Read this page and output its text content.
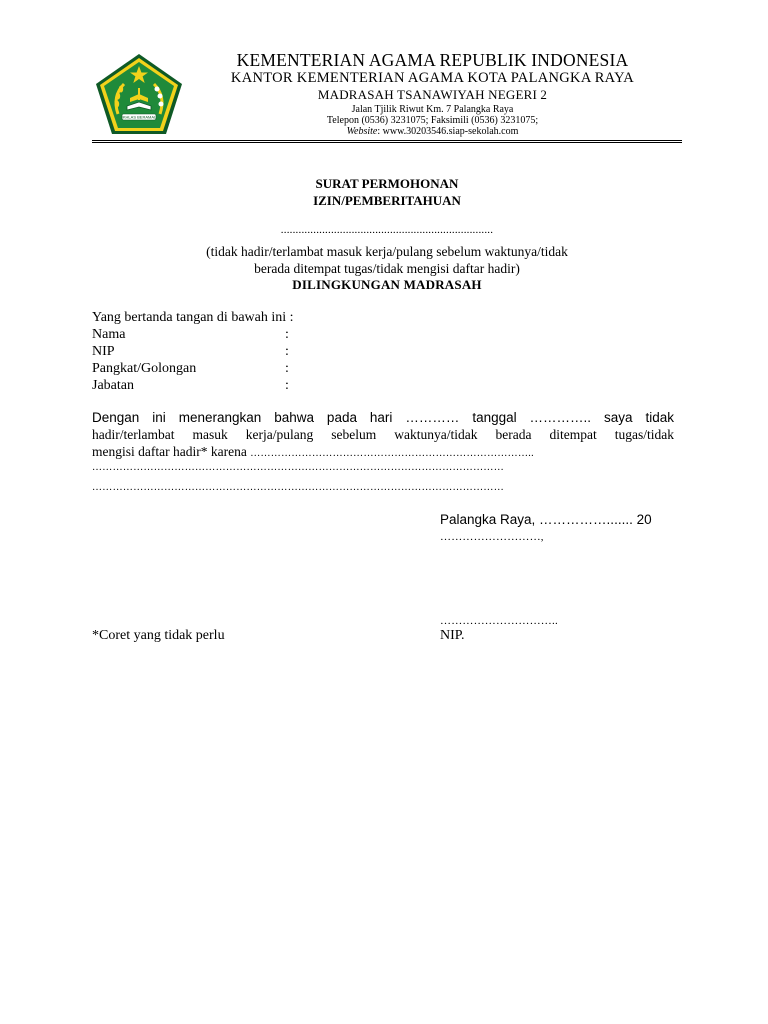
IKHLAS BERAMAL
KEMENTERIAN AGAMA REPUBLIK INDONESIA
KANTOR KEMENTERIAN AGAMA KOTA PALANGKA RAYA
MADRASAH TSANAWIYAH NEGERI 2
Jalan Tjilik Riwut Km. 7 Palangka Raya
Telepon (0536) 3231075; Faksimili (0536) 3231075;
Website: www.30203546.siap-sekolah.com
SURAT PERMOHONAN
IZIN/PEMBERITAHUAN
........................................................................
(tidak hadir/terlambat masuk kerja/pulang sebelum waktunya/tidak
berada ditempat tugas/tidak mengisi daftar hadir)
DILINGKUNGAN MADRASAH
Yang bertanda tangan di bawah ini :
Nama	:
NIP	:
Pangkat/Golongan	:
Jabatan	:
Dengan ini menerangkan bahwa pada hari ………… tanggal ………….. saya tidak
hadir/terlambat masuk kerja/pulang sebelum waktunya/tidak berada ditempat tugas/tidak
mengisi daftar hadir* karena ………………………………………………………………………..
…………………………………………………………………………………………………………
…………………………………………………………………………………………………………
Palangka Raya, ……………....... 20
………………………,
…………………………..
NIP.
*Coret yang tidak perlu
